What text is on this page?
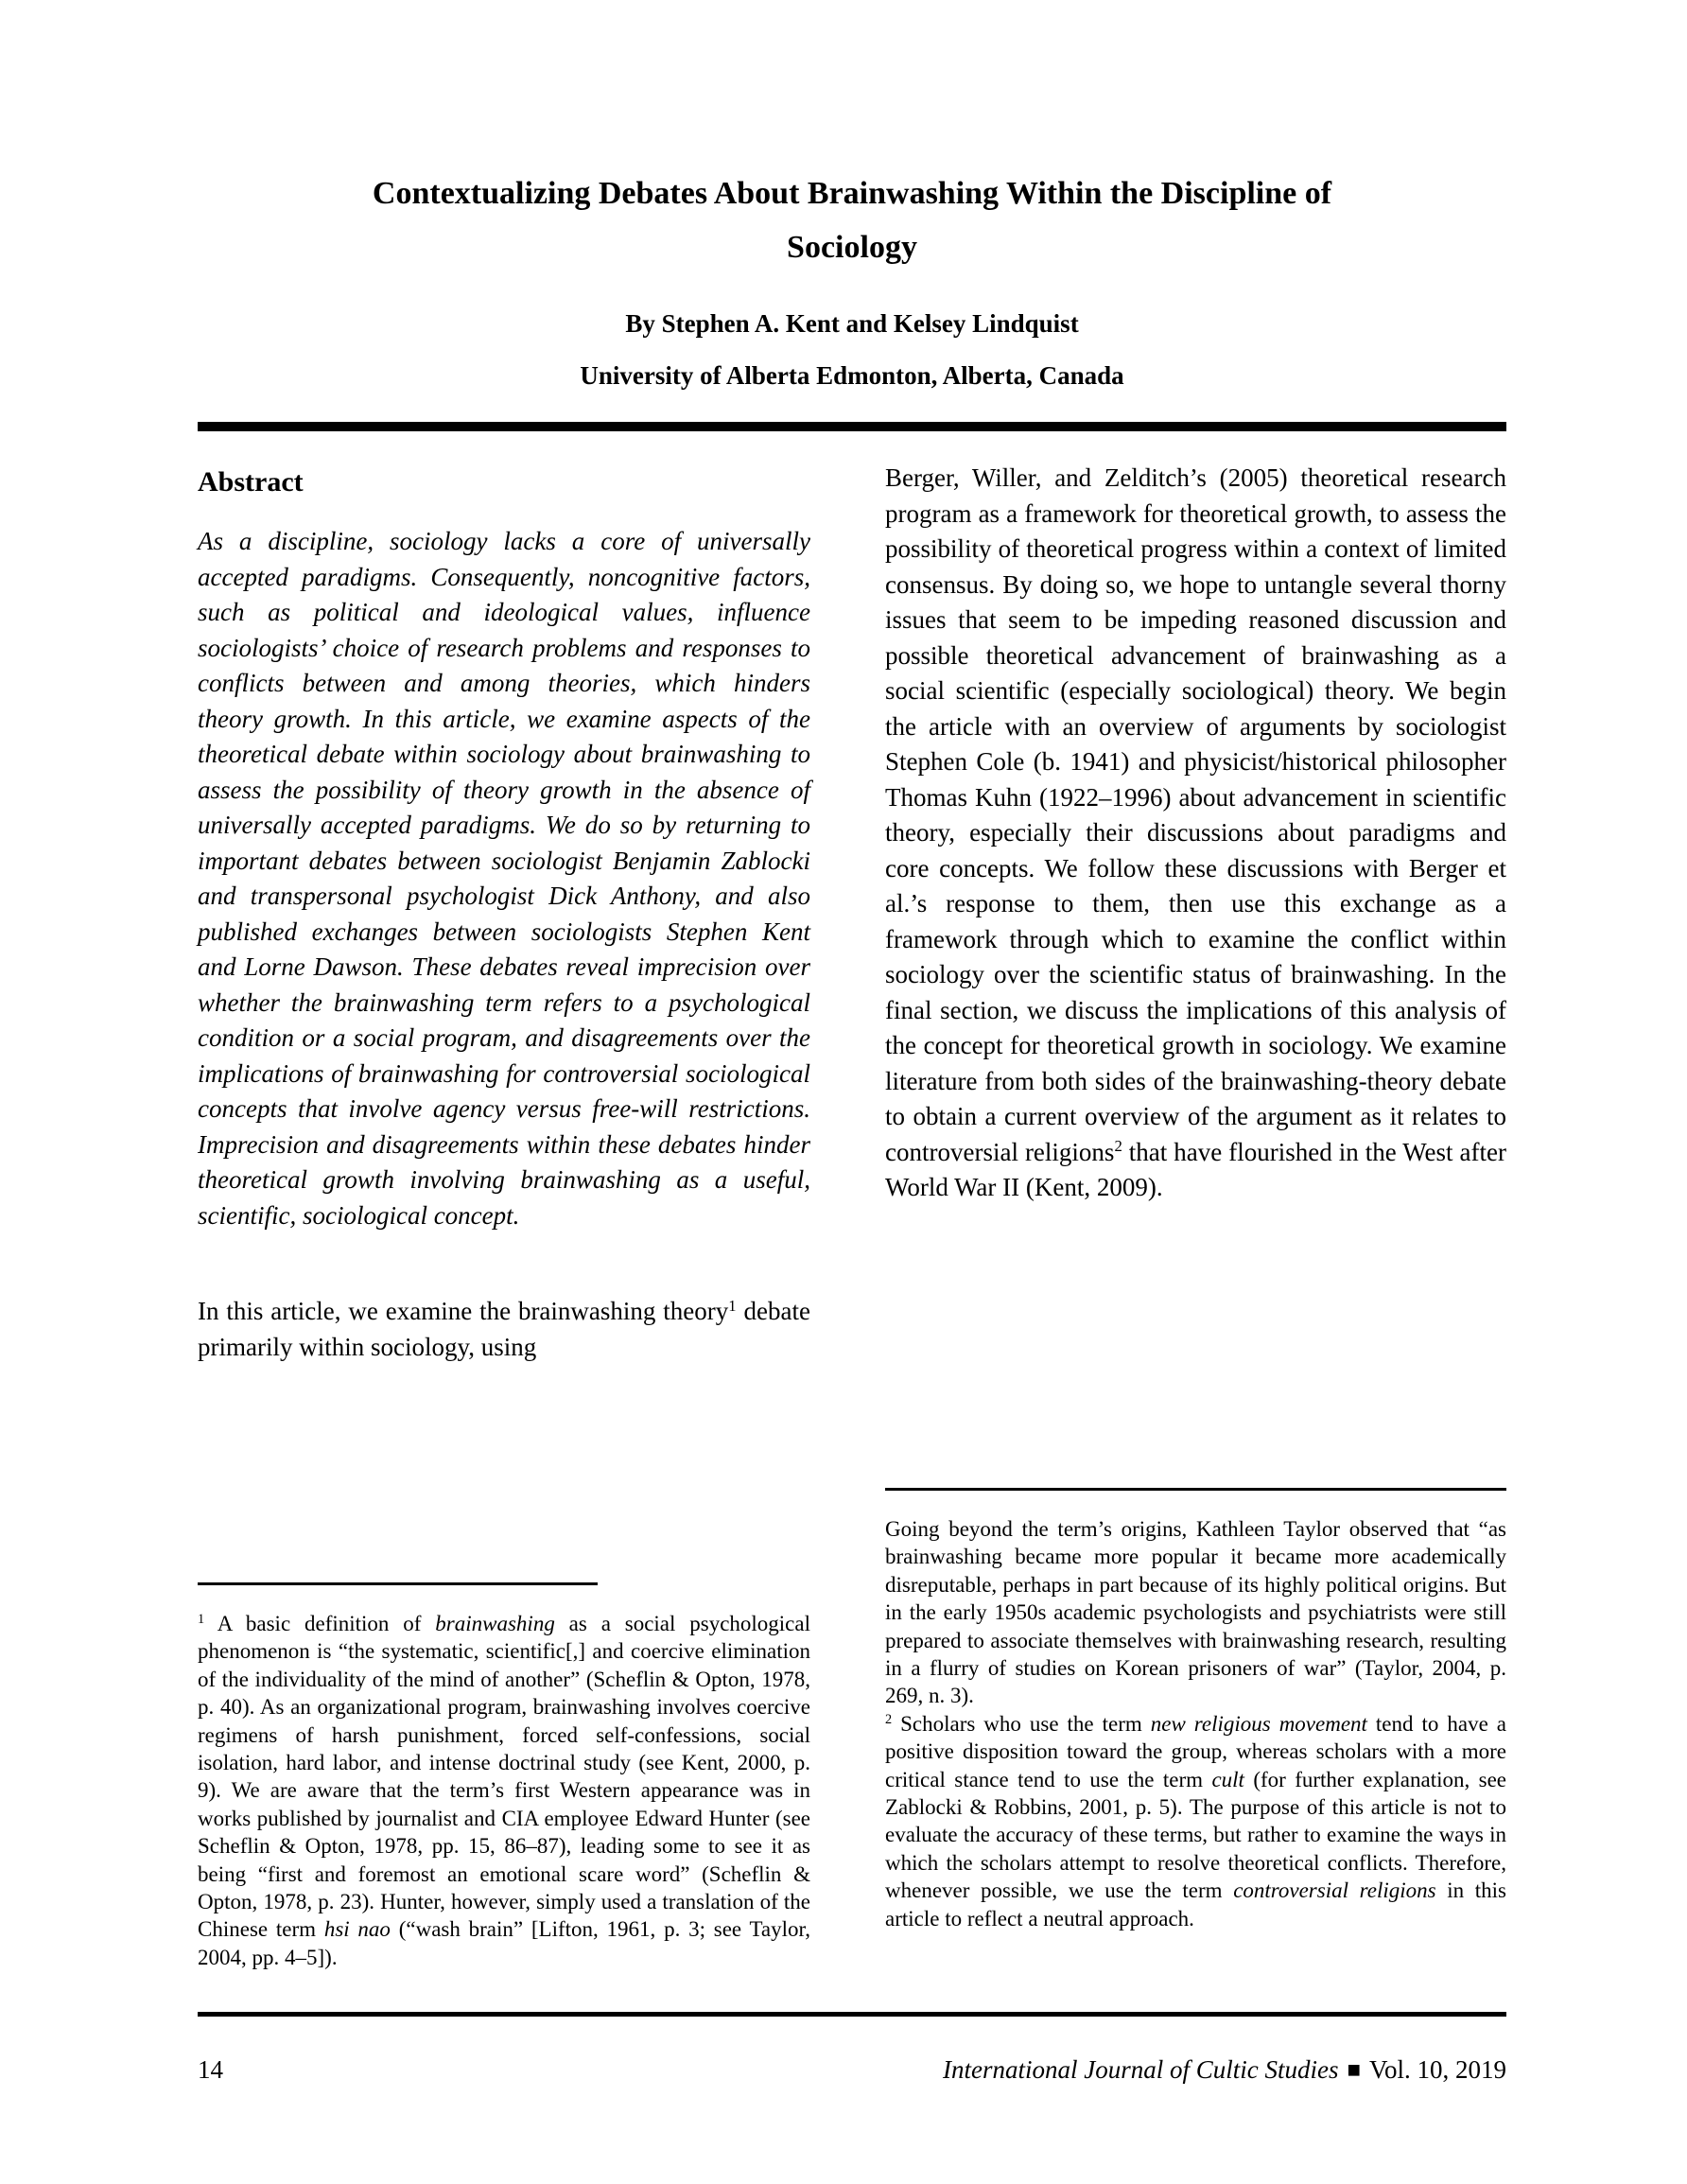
Contextualizing Debates About Brainwashing Within the Discipline of
Sociology

By Stephen A. Kent and Kelsey Lindquist

University of Alberta Edmonton, Alberta, Canada

Abstract

As a discipline, sociology lacks a core of universally accepted paradigms. Consequently, noncognitive factors, such as political and ideological values, influence sociologists’ choice of research problems and responses to conflicts between and among theories, which hinders theory growth. In this article, we examine aspects of the theoretical debate within sociology about brainwashing to assess the possibility of theory growth in the absence of universally accepted paradigms. We do so by returning to important debates between sociologist Benjamin Zablocki and transpersonal psychologist Dick Anthony, and also published exchanges between sociologists Stephen Kent and Lorne Dawson. These debates reveal imprecision over whether the brainwashing term refers to a psychological condition or a social program, and disagreements over the implications of brainwashing for controversial sociological concepts that involve agency versus free-will restrictions. Imprecision and disagreements within these debates hinder theoretical growth involving brainwashing as a useful, scientific, sociological concept.

In this article, we examine the brainwashing theory$^1$ debate primarily within sociology, using

$^1$ A basic definition of brainwashing as a social psychological phenomenon is “the systematic, scientific[,] and coercive elimination of the individuality of the mind of another” (Scheflin & Opton, 1978, p. 40). As an organizational program, brainwashing involves coercive regimens of harsh punishment, forced self-confessions, social isolation, hard labor, and intense doctrinal study (see Kent, 2000, p. 9). We are aware that the term’s first Western appearance was in works published by journalist and CIA employee Edward Hunter (see Scheflin & Opton, 1978, pp. 15, 86–87), leading some to see it as being “first and foremost an emotional scare word” (Scheflin & Opton, 1978, p. 23). Hunter, however, simply used a translation of the Chinese term hsi nao (“wash brain” [Lifton, 1961, p. 3; see Taylor, 2004, pp. 4–5]).

Berger, Willer, and Zelditch’s (2005) theoretical research program as a framework for theoretical growth, to assess the possibility of theoretical progress within a context of limited consensus. By doing so, we hope to untangle several thorny issues that seem to be impeding reasoned discussion and possible theoretical advancement of brainwashing as a social scientific (especially sociological) theory. We begin the article with an overview of arguments by sociologist Stephen Cole (b. 1941) and physicist/historical philosopher Thomas Kuhn (1922–1996) about advancement in scientific theory, especially their discussions about paradigms and core concepts. We follow these discussions with Berger et al.’s response to them, then use this exchange as a framework through which to examine the conflict within sociology over the scientific status of brainwashing. In the final section, we discuss the implications of this analysis of the concept for theoretical growth in sociology. We examine literature from both sides of the brainwashing-theory debate to obtain a current overview of the argument as it relates to controversial religions$^2$ that have flourished in the West after World War II (Kent, 2009).

Going beyond the term’s origins, Kathleen Taylor observed that “as brainwashing became more popular it became more academically disreputable, perhaps in part because of its highly political origins. But in the early 1950s academic psychologists and psychiatrists were still prepared to associate themselves with brainwashing research, resulting in a flurry of studies on Korean prisoners of war” (Taylor, 2004, p. 269, n. 3).

$^2$ Scholars who use the term new religious movement tend to have a positive disposition toward the group, whereas scholars with a more critical stance tend to use the term cult (for further explanation, see Zablocki & Robbins, 2001, p. 5). The purpose of this article is not to evaluate the accuracy of these terms, but rather to examine the ways in which the scholars attempt to resolve theoretical conflicts. Therefore, whenever possible, we use the term controversial religions in this article to reflect a neutral approach.

14	International Journal of Cultic Studies ■ Vol. 10, 2019
